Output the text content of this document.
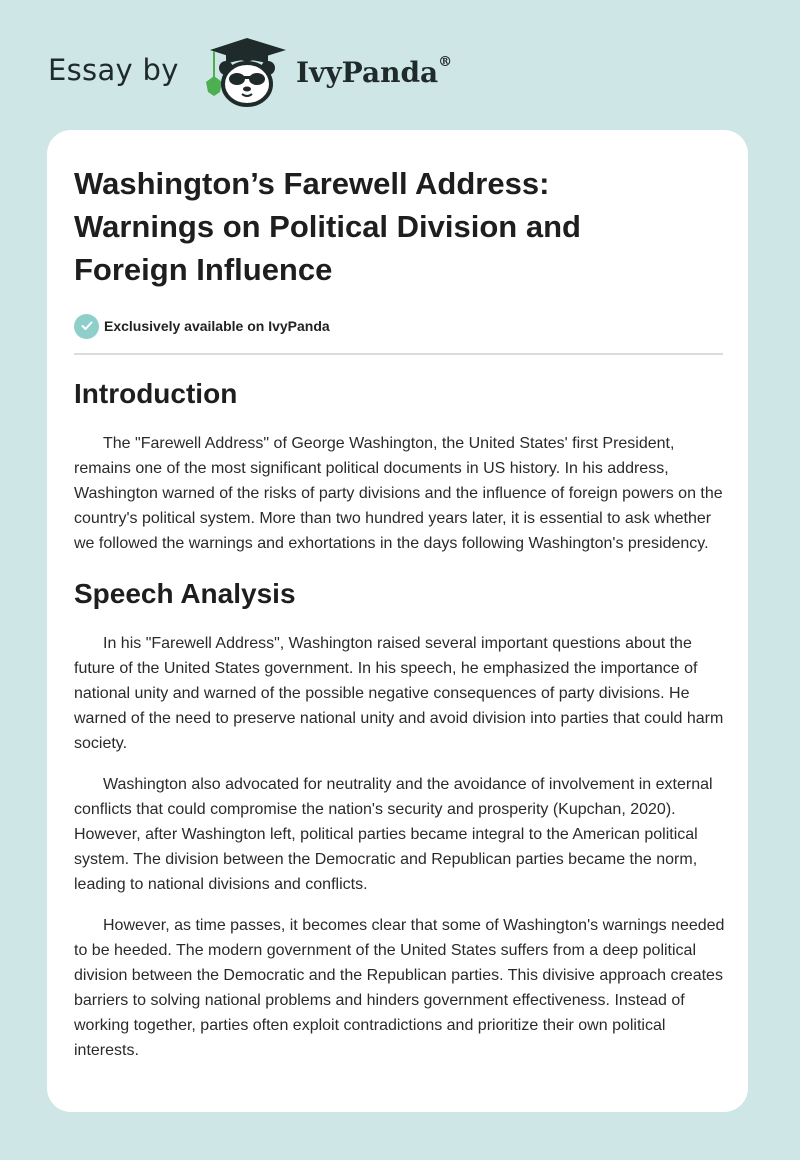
Essay by	IvyPanda®
Washington’s Farewell Address: Warnings on Political Division and Foreign Influence
Exclusively available on IvyPanda
Introduction

The "Farewell Address" of George Washington, the United States' first President, remains one of the most significant political documents in US history. In his address, Washington warned of the risks of party divisions and the influence of foreign powers on the country's political system. More than two hundred years later, it is essential to ask whether we followed the warnings and exhortations in the days following Washington's presidency.

Speech Analysis

In his "Farewell Address", Washington raised several important questions about the future of the United States government. In his speech, he emphasized the importance of national unity and warned of the possible negative consequences of party divisions. He warned of the need to preserve national unity and avoid division into parties that could harm society.

Washington also advocated for neutrality and the avoidance of involvement in external conflicts that could compromise the nation's security and prosperity (Kupchan, 2020). However, after Washington left, political parties became integral to the American political system. The division between the Democratic and Republican parties became the norm, leading to national divisions and conflicts.

However, as time passes, it becomes clear that some of Washington's warnings needed to be heeded. The modern government of the United States suffers from a deep political division between the Democratic and the Republican parties. This divisive approach creates barriers to solving national problems and hinders government effectiveness. Instead of working together, parties often exploit contradictions and prioritize their own political interests.
